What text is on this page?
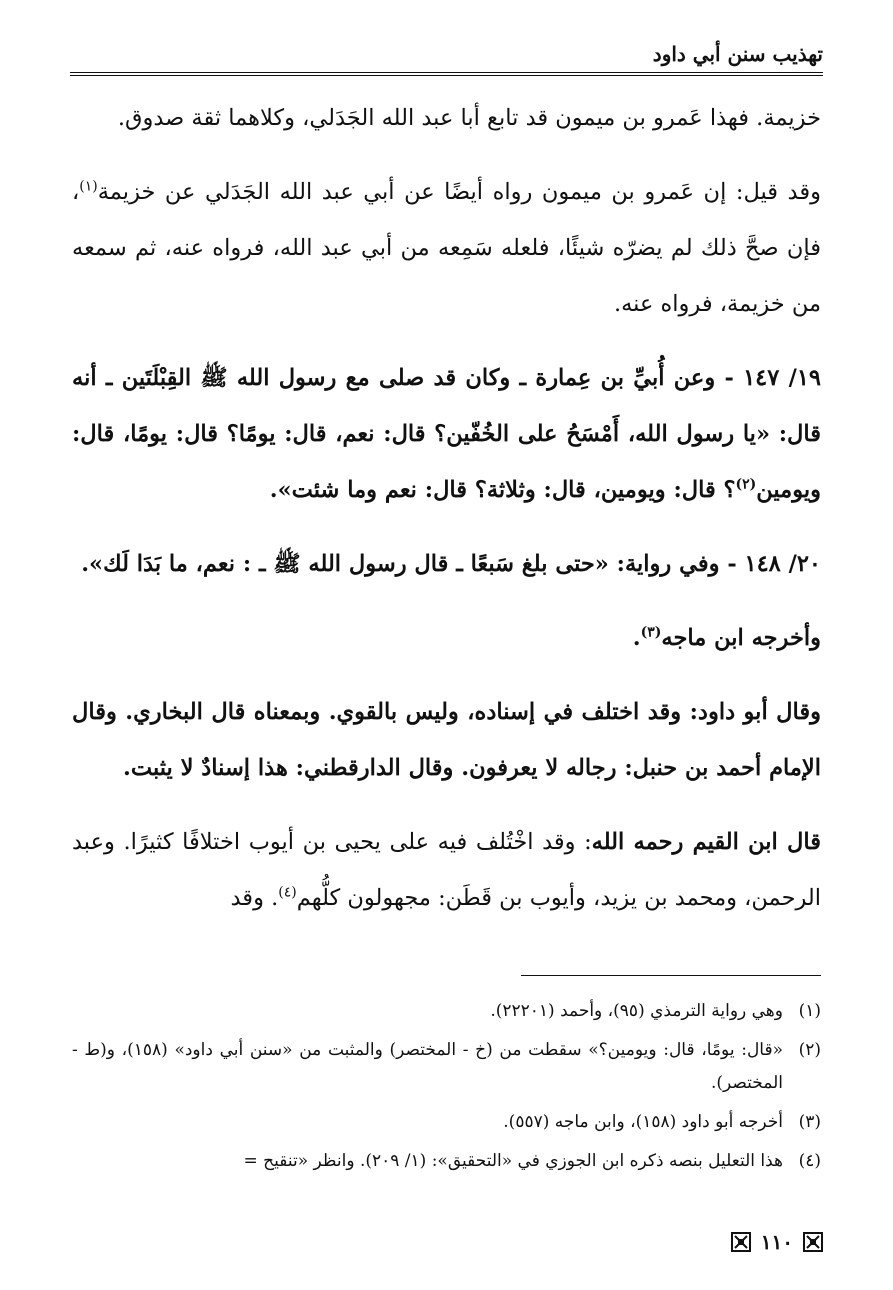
تهذيب سنن أبي داود

خزيمة. فهذا عَمرو بن ميمون قد تابع أبا عبد الله الجَدَلي، وكلاهما ثقة صدوق.

وقد قيل: إن عَمرو بن ميمون رواه أيضًا عن أبي عبد الله الجَدَلي عن خزيمة$^{(١)}$، فإن صحَّ ذلك لم يضرّه شيئًا، فلعله سَمِعه من أبي عبد الله، فرواه عنه، ثم سمعه من خزيمة، فرواه عنه.

١٩/ ١٤٧ - وعن أُبيِّ بن عِمارة ـ وكان قد صلى مع رسول الله ﷺ القِبْلَتَين ـ أنه قال: «يا رسول الله، أَمْسَحُ على الخُفّين؟ قال: نعم، قال: يومًا؟ قال: يومًا، قال: ويومين$^{(٢)}$؟ قال: ويومين، قال: وثلاثة؟ قال: نعم وما شئت».

٢٠/ ١٤٨ - وفي رواية: «حتى بلغ سَبعًا ـ قال رسول الله ﷺ ـ : نعم، ما بَدَا لَك».

وأخرجه ابن ماجه$^{(٣)}$.

وقال أبو داود: وقد اختلف في إسناده، وليس بالقوي. وبمعناه قال البخاري. وقال الإمام أحمد بن حنبل: رجاله لا يعرفون. وقال الدارقطني: هذا إسنادٌ لا يثبت.

قال ابن القيم رحمه الله: وقد اخْتُلف فيه على يحيى بن أيوب اختلافًا كثيرًا. وعبد الرحمن، ومحمد بن يزيد، وأيوب بن قَطَن: مجهولون كلُّهم$^{(٤)}$. وقد

(١)
وهي رواية الترمذي (٩٥)، وأحمد (٢٢٢٠١).
(٢)
«قال: يومًا، قال: ويومين؟» سقطت من (خ - المختصر) والمثبت من «سنن أبي داود» (١٥٨)، و(ط - المختصر).
(٣)
أخرجه أبو داود (١٥٨)، وابن ماجه (٥٥٧).
(٤)
هذا التعليل بنصه ذكره ابن الجوزي في «التحقيق»: (١/ ٢٠٩). وانظر «تنقيح =
١١٠
